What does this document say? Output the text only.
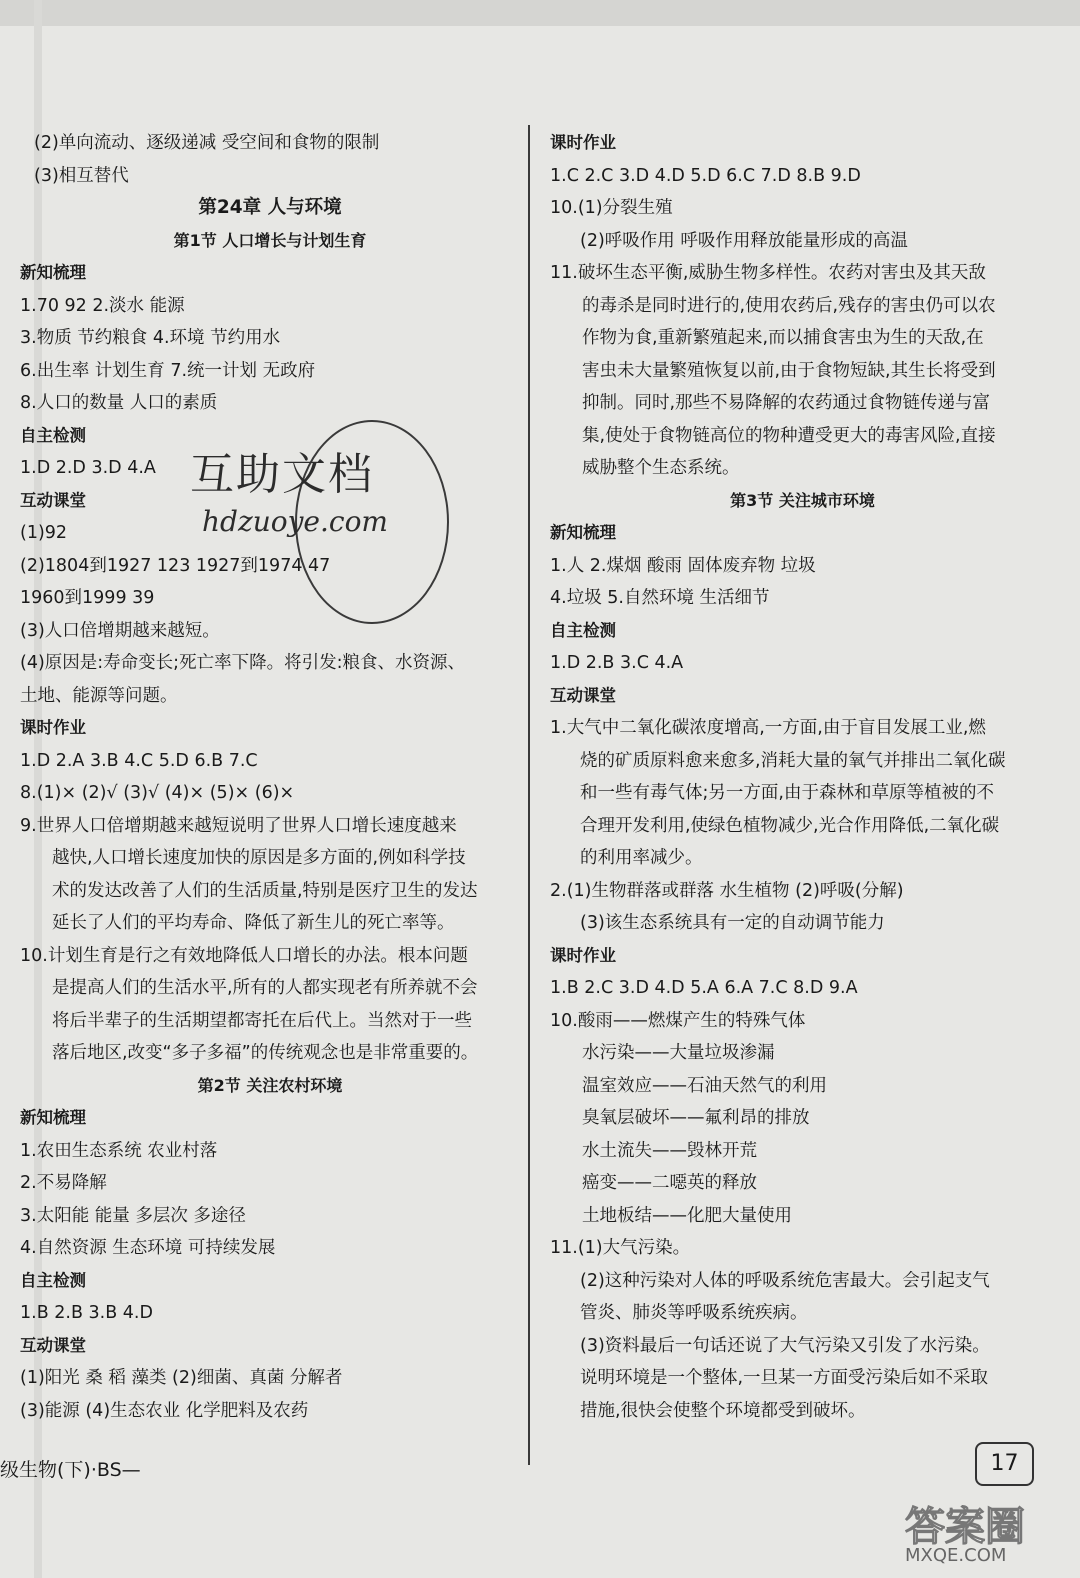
(2)单向流动、逐级递减 受空间和食物的限制
(3)相互替代
第24章 人与环境
第1节 人口增长与计划生育
新知梳理
1.70 92 2.淡水 能源
3.物质 节约粮食 4.环境 节约用水
6.出生率 计划生育 7.统一计划 无政府
8.人口的数量 人口的素质
自主检测
1.D 2.D 3.D 4.A
互动课堂
(1)92
(2)1804到1927 123 1927到1974 47
1960到1999 39
(3)人口倍增期越来越短。
(4)原因是:寿命变长;死亡率下降。将引发:粮食、水资源、
土地、能源等问题。
课时作业
1.D 2.A 3.B 4.C 5.D 6.B 7.C
8.(1)× (2)√ (3)√ (4)× (5)× (6)×
9.世界人口倍增期越来越短说明了世界人口增长速度越来
越快,人口增长速度加快的原因是多方面的,例如科学技
术的发达改善了人们的生活质量,特别是医疗卫生的发达
延长了人们的平均寿命、降低了新生儿的死亡率等。
10.计划生育是行之有效地降低人口增长的办法。根本问题
是提高人们的生活水平,所有的人都实现老有所养就不会
将后半辈子的生活期望都寄托在后代上。当然对于一些
落后地区,改变“多子多福”的传统观念也是非常重要的。
第2节 关注农村环境
新知梳理
1.农田生态系统 农业村落
2.不易降解
3.太阳能 能量 多层次 多途径
4.自然资源 生态环境 可持续发展
自主检测
1.B 2.B 3.B 4.D
互动课堂
(1)阳光 桑 稻 藻类 (2)细菌、真菌 分解者
(3)能源 (4)生态农业 化学肥料及农药
课时作业
1.C 2.C 3.D 4.D 5.D 6.C 7.D 8.B 9.D
10.(1)分裂生殖
(2)呼吸作用 呼吸作用释放能量形成的高温
11.破坏生态平衡,威胁生物多样性。农药对害虫及其天敌
的毒杀是同时进行的,使用农药后,残存的害虫仍可以农
作物为食,重新繁殖起来,而以捕食害虫为生的天敌,在
害虫未大量繁殖恢复以前,由于食物短缺,其生长将受到
抑制。同时,那些不易降解的农药通过食物链传递与富
集,使处于食物链高位的物种遭受更大的毒害风险,直接
威胁整个生态系统。
第3节 关注城市环境
新知梳理
1.人 2.煤烟 酸雨 固体废弃物 垃圾
4.垃圾 5.自然环境 生活细节
自主检测
1.D 2.B 3.C 4.A
互动课堂
1.大气中二氧化碳浓度增高,一方面,由于盲目发展工业,燃
烧的矿质原料愈来愈多,消耗大量的氧气并排出二氧化碳
和一些有毒气体;另一方面,由于森林和草原等植被的不
合理开发利用,使绿色植物减少,光合作用降低,二氧化碳
的利用率减少。
2.(1)生物群落或群落 水生植物 (2)呼吸(分解)
(3)该生态系统具有一定的自动调节能力
课时作业
1.B 2.C 3.D 4.D 5.A 6.A 7.C 8.D 9.A
10.酸雨——燃煤产生的特殊气体
水污染——大量垃圾渗漏
温室效应——石油天然气的利用
臭氧层破坏——氟利昂的排放
水土流失——毁林开荒
癌变——二噁英的释放
土地板结——化肥大量使用
11.(1)大气污染。
(2)这种污染对人体的呼吸系统危害最大。会引起支气
管炎、肺炎等呼吸系统疾病。
(3)资料最后一句话还说了大气污染又引发了水污染。
说明环境是一个整体,一旦某一方面受污染后如不采取
措施,很快会使整个环境都受到破坏。
互助文档
hdzuoye.com
级生物(下)·BS—	17
答案圈
MXQE.COM
